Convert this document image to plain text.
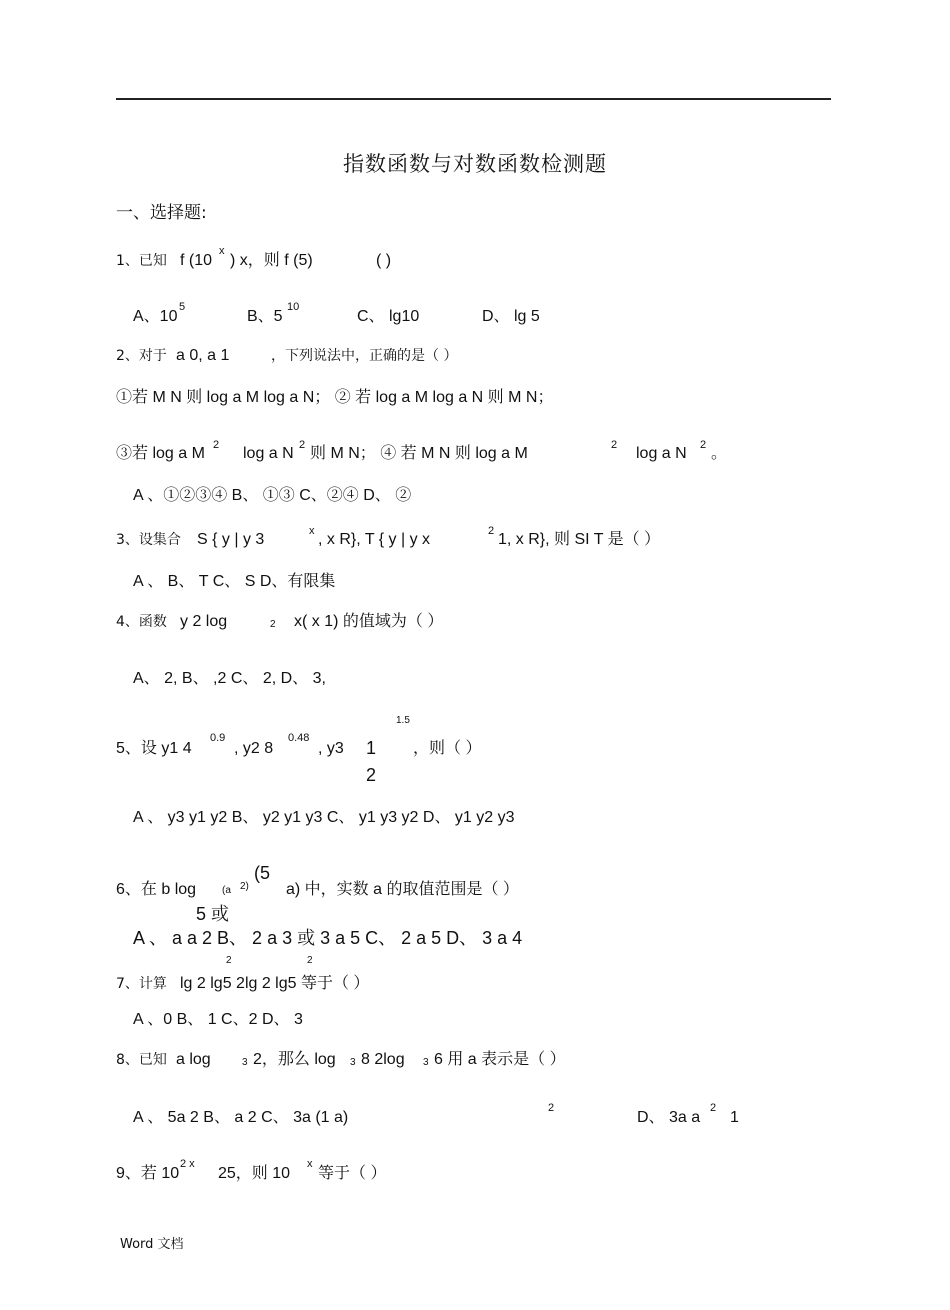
指数函数与对数函数检测题
一、选择题:
1、已知 f (10
x
) x，则 f (5)	( )
A、10
5
B、5
10
C、 lg10	D、 lg 5
2、对于 a 0, a 1	，下列说法中，正确的是（ ）
①若 M N 则 log a M log a N； ② 若 log a M log a N 则 M N；
③若 log a M 2 log a N 2 则 M N； ④ 若 M N 则 log a M	2 log a N 2 。
A 、①②③④ B、 ①③ C、②④ D、 ②
3、设集合 S { y | y 3	x , x R}, T { y | y x	2 1, x R}, 则 SI T 是（ ）
A 、 B、 T C、 S D、有限集
4、函数 y 2 log	2 x( x 1) 的值域为（ ）
A、 2, B、 ,2 C、 2, D、 3,
1.5
5、设 y1 4
0.9
, y2 8
0.48
, y3 1
2
，则（ ）
A 、 y3 y1 y2 B、 y2 y1 y3 C、 y1 y3 y2 D、 y1 y2 y3
(5
6、在 b log	(a 2) a) 中，实数 a 的取值范围是（ ）
5 或
A 、 a a 2 B、 2 a 3 或 3 a 5 C、 2 a 5 D、 3 a 4
2	2
7、计算 lg 2 lg5 2lg 2 lg5 等于（ ）
A 、0 B、 1 C、2 D、 3
8、已知 a log	3 2，那么 log 3 8 2log 3 6 用 a 表示是（ ）
A 、 5a 2 B、 a 2 C、 3a (1 a)
2
D、 3a a
2
1
9、若 10
2 x
25，则 10
x
等于（ ）
Word 文档
